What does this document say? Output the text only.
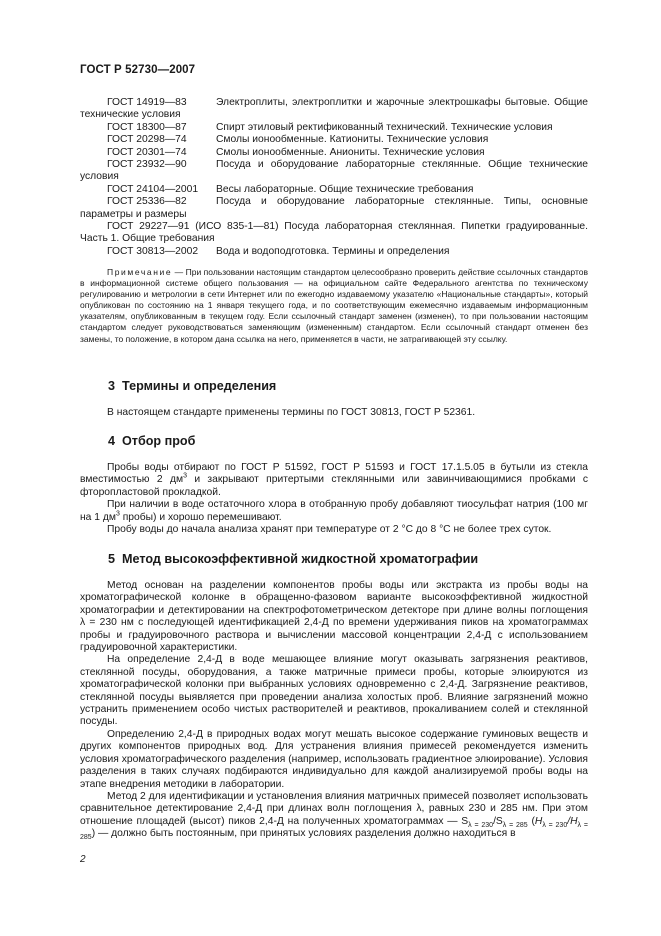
ГОСТ Р 52730—2007

ГОСТ 14919—83	Электроплиты, электроплитки и жарочные электрошкафы бытовые. Общие технические условия

ГОСТ 18300—87	Спирт этиловый ректификованный технический. Технические условия
ГОСТ 20298—74	Смолы ионообменные. Катиониты. Технические условия
ГОСТ 20301—74	Смолы ионообменные. Аниониты. Технические условия

ГОСТ 23932—90	Посуда и оборудование лабораторные стеклянные. Общие технические условия

ГОСТ 24104—2001	Весы лабораторные. Общие технические требования

ГОСТ 25336—82	Посуда и оборудование лабораторные стеклянные. Типы, основные параметры и размеры

ГОСТ 29227—91 (ИСО 835-1—81) Посуда лабораторная стеклянная. Пипетки градуированные. Часть 1. Общие требования

ГОСТ 30813—2002	Вода и водоподготовка. Термины и определения

Примечание — При пользовании настоящим стандартом целесообразно проверить действие ссылочных стандартов в информационной системе общего пользования — на официальном сайте Федерального агентства по техническому регулированию и метрологии в сети Интернет или по ежегодно издаваемому указателю «Национальные стандарты», который опубликован по состоянию на 1 января текущего года, и по соответствующим ежемесячно издаваемым информационным указателям, опубликованным в текущем году. Если ссылочный стандарт заменен (изменен), то при пользовании настоящим стандартом следует руководствоваться заменяющим (измененным) стандартом. Если ссылочный стандарт отменен без замены, то положение, в котором дана ссылка на него, применяется в части, не затрагивающей эту ссылку.

3 Термины и определения

В настоящем стандарте применены термины по ГОСТ 30813, ГОСТ Р 52361.

4 Отбор проб

Пробы воды отбирают по ГОСТ Р 51592, ГОСТ Р 51593 и ГОСТ 17.1.5.05 в бутыли из стекла вместимостью 2 $дм^3$ и закрывают притертыми стеклянными или завинчивающимися пробками с фторопластовой прокладкой.

При наличии в воде остаточного хлора в отобранную пробу добавляют тиосульфат натрия (100 мг на 1 $дм^3$ пробы) и хорошо перемешивают.

Пробу воды до начала анализа хранят при температуре от 2 °С до 8 °С не более трех суток.

5 Метод высокоэффективной жидкостной хроматографии

Метод основан на разделении компонентов пробы воды или экстракта из пробы воды на хроматографической колонке в обращенно-фазовом варианте высокоэффективной жидкостной хроматографии и детектировании на спектрофотометрическом детекторе при длине волны поглощения λ = 230 нм с последующей идентификацией 2,4-Д по времени удерживания пиков на хроматограммах пробы и градуировочного раствора и вычислении массовой концентрации 2,4-Д с использованием градуировочной характеристики.

На определение 2,4-Д в воде мешающее влияние могут оказывать загрязнения реактивов, стеклянной посуды, оборудования, а также матричные примеси пробы, которые элюируются из хроматографической колонки при выбранных условиях одновременно с 2,4-Д. Загрязнение реактивов, стеклянной посуды выявляется при проведении анализа холостых проб. Влияние загрязнений можно устранить применением особо чистых растворителей и реактивов, прокаливанием солей и стеклянной посуды.

Определению 2,4-Д в природных водах могут мешать высокое содержание гуминовых веществ и других компонентов природных вод. Для устранения влияния примесей рекомендуется изменить условия хроматографического разделения (например, использовать градиентное элюирование). Условия разделения в таких случаях подбираются индивидуально для каждой анализируемой пробы воды на этапе внедрения методики в лаборатории.

Метод 2 для идентификации и установления влияния матричных примесей позволяет использовать сравнительное детектирование 2,4-Д при длинах волн поглощения λ, равных 230 и 285 нм. При этом отношение площадей (высот) пиков 2,4-Д на полученных хроматограммах — $S_{\lambda = 230}/S_{\lambda = 285}$ $(H_{\lambda = 230}/H_{\lambda = 285})$ — должно быть постоянным, при принятых условиях разделения должно находиться в

2
